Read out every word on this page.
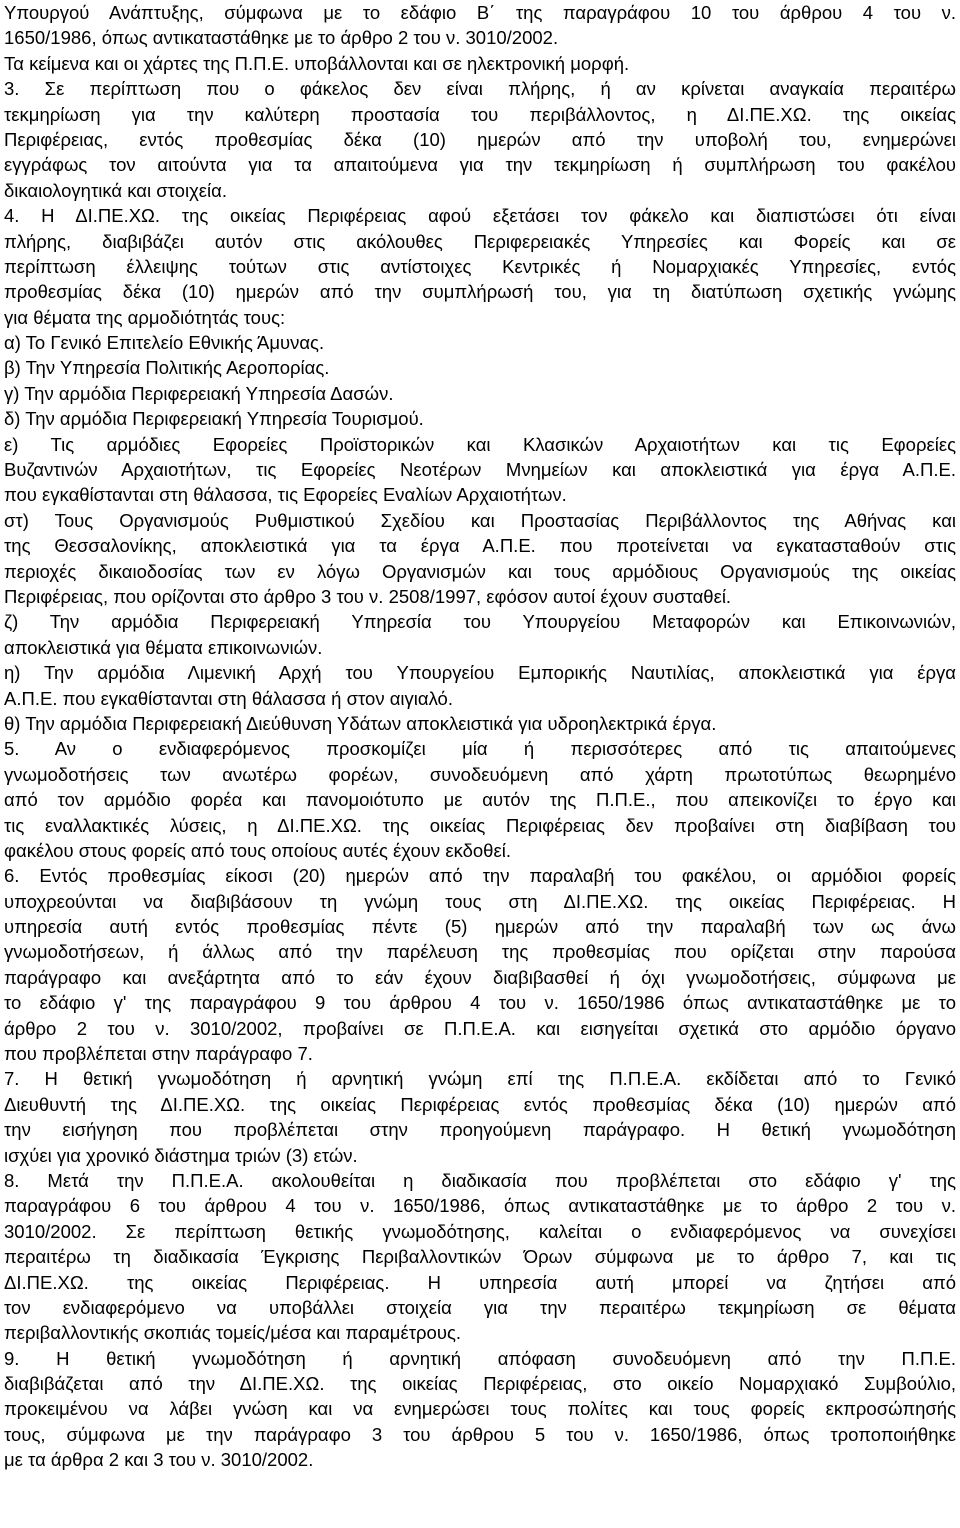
Υπουργού Ανάπτυξης, σύμφωνα με το εδάφιο Β΄ της παραγράφου 10 του άρθρου 4 του ν.
1650/1986, όπως αντικαταστάθηκε με το άρθρο 2 του ν. 3010/2002.
Τα κείμενα και οι χάρτες της Π.Π.Ε. υποβάλλονται και σε ηλεκτρονική μορφή.
3. Σε περίπτωση που ο φάκελος δεν είναι πλήρης, ή αν κρίνεται αναγκαία περαιτέρω
τεκμηρίωση για την καλύτερη προστασία του περιβάλλοντος, η ΔΙ.ΠΕ.ΧΩ. της οικείας
Περιφέρειας, εντός προθεσμίας δέκα (10) ημερών από την υποβολή του, ενημερώνει
εγγράφως τον αιτούντα για τα απαιτούμενα για την τεκμηρίωση ή συμπλήρωση του φακέλου
δικαιολογητικά και στοιχεία.
4. Η ΔΙ.ΠΕ.ΧΩ. της οικείας Περιφέρειας αφού εξετάσει τον φάκελο και διαπιστώσει ότι είναι
πλήρης, διαβιβάζει αυτόν στις ακόλουθες Περιφερειακές Υπηρεσίες και Φορείς και σε
περίπτωση έλλειψης τούτων στις αντίστοιχες Κεντρικές ή Νομαρχιακές Υπηρεσίες, εντός
προθεσμίας δέκα (10) ημερών από την συμπλήρωσή του, για τη διατύπωση σχετικής γνώμης
για θέματα της αρμοδιότητάς τους:
α) Το Γενικό Επιτελείο Εθνικής Άμυνας.
β) Την Υπηρεσία Πολιτικής Αεροπορίας.
γ) Την αρμόδια Περιφερειακή Υπηρεσία Δασών.
δ) Την αρμόδια Περιφερειακή Υπηρεσία Τουρισμού.
ε) Τις αρμόδιες Εφορείες Προϊστορικών και Κλασικών Αρχαιοτήτων και τις Εφορείες
Βυζαντινών Αρχαιοτήτων, τις Εφορείες Νεοτέρων Μνημείων και αποκλειστικά για έργα Α.Π.Ε.
που εγκαθίστανται στη θάλασσα, τις Εφορείες Εναλίων Αρχαιοτήτων.
στ) Τους Οργανισμούς Ρυθμιστικού Σχεδίου και Προστασίας Περιβάλλοντος της Αθήνας και
της Θεσσαλονίκης, αποκλειστικά για τα έργα Α.Π.Ε. που προτείνεται να εγκατασταθούν στις
περιοχές δικαιοδοσίας των εν λόγω Οργανισμών και τους αρμόδιους Οργανισμούς της οικείας
Περιφέρειας, που ορίζονται στο άρθρο 3 του ν. 2508/1997, εφόσον αυτοί έχουν συσταθεί.
ζ) Την αρμόδια Περιφερειακή Υπηρεσία του Υπουργείου Μεταφορών και Επικοινωνιών,
αποκλειστικά για θέματα επικοινωνιών.
η) Την αρμόδια Λιμενική Αρχή του Υπουργείου Εμπορικής Ναυτιλίας, αποκλειστικά για έργα
Α.Π.Ε. που εγκαθίστανται στη θάλασσα ή στον αιγιαλό.
θ) Την αρμόδια Περιφερειακή Διεύθυνση Υδάτων αποκλειστικά για υδροηλεκτρικά έργα.
5. Αν ο ενδιαφερόμενος προσκομίζει μία ή περισσότερες από τις απαιτούμενες
γνωμοδοτήσεις των ανωτέρω φορέων, συνοδευόμενη από χάρτη πρωτοτύπως θεωρημένο
από τον αρμόδιο φορέα και πανομοιότυπο με αυτόν της Π.Π.Ε., που απεικονίζει το έργο και
τις εναλλακτικές λύσεις, η ΔΙ.ΠΕ.ΧΩ. της οικείας Περιφέρειας δεν προβαίνει στη διαβίβαση του
φακέλου στους φορείς από τους οποίους αυτές έχουν εκδοθεί.
6. Εντός προθεσμίας είκοσι (20) ημερών από την παραλαβή του φακέλου, οι αρμόδιοι φορείς
υποχρεούνται να διαβιβάσουν τη γνώμη τους στη ΔΙ.ΠΕ.ΧΩ. της οικείας Περιφέρειας. Η
υπηρεσία αυτή εντός προθεσμίας πέντε (5) ημερών από την παραλαβή των ως άνω
γνωμοδοτήσεων, ή άλλως από την παρέλευση της προθεσμίας που ορίζεται στην παρούσα
παράγραφο και ανεξάρτητα από το εάν έχουν διαβιβασθεί ή όχι γνωμοδοτήσεις, σύμφωνα με
το εδάφιο γ' της παραγράφου 9 του άρθρου 4 του ν. 1650/1986 όπως αντικαταστάθηκε με το
άρθρο 2 του ν. 3010/2002, προβαίνει σε Π.Π.Ε.Α. και εισηγείται σχετικά στο αρμόδιο όργανο
που προβλέπεται στην παράγραφο 7.
7. Η θετική γνωμοδότηση ή αρνητική γνώμη επί της Π.Π.Ε.Α. εκδίδεται από το Γενικό
Διευθυντή της ΔΙ.ΠΕ.ΧΩ. της οικείας Περιφέρειας εντός προθεσμίας δέκα (10) ημερών από
την εισήγηση που προβλέπεται στην προηγούμενη παράγραφο. Η θετική γνωμοδότηση
ισχύει για χρονικό διάστημα τριών (3) ετών.
8. Μετά την Π.Π.Ε.Α. ακολουθείται η διαδικασία που προβλέπεται στο εδάφιο γ' της
παραγράφου 6 του άρθρου 4 του ν. 1650/1986, όπως αντικαταστάθηκε με το άρθρο 2 του ν.
3010/2002. Σε περίπτωση θετικής γνωμοδότησης, καλείται ο ενδιαφερόμενος να συνεχίσει
περαιτέρω τη διαδικασία Έγκρισης Περιβαλλοντικών Όρων σύμφωνα με το άρθρο 7, και τις
ΔΙ.ΠΕ.ΧΩ. της οικείας Περιφέρειας. Η υπηρεσία αυτή μπορεί να ζητήσει από
τον ενδιαφερόμενο να υποβάλλει στοιχεία για την περαιτέρω τεκμηρίωση σε θέματα
περιβαλλοντικής σκοπιάς τομείς/μέσα και παραμέτρους.
9. Η θετική γνωμοδότηση ή αρνητική απόφαση συνοδευόμενη από την Π.Π.Ε.
διαβιβάζεται από την ΔΙ.ΠΕ.ΧΩ. της οικείας Περιφέρειας, στο οικείο Νομαρχιακό Συμβούλιο,
προκειμένου να λάβει γνώση και να ενημερώσει τους πολίτες και τους φορείς εκπροσώπησής
τους, σύμφωνα με την παράγραφο 3 του άρθρου 5 του ν. 1650/1986, όπως τροποποιήθηκε
με τα άρθρα 2 και 3 του ν. 3010/2002.
